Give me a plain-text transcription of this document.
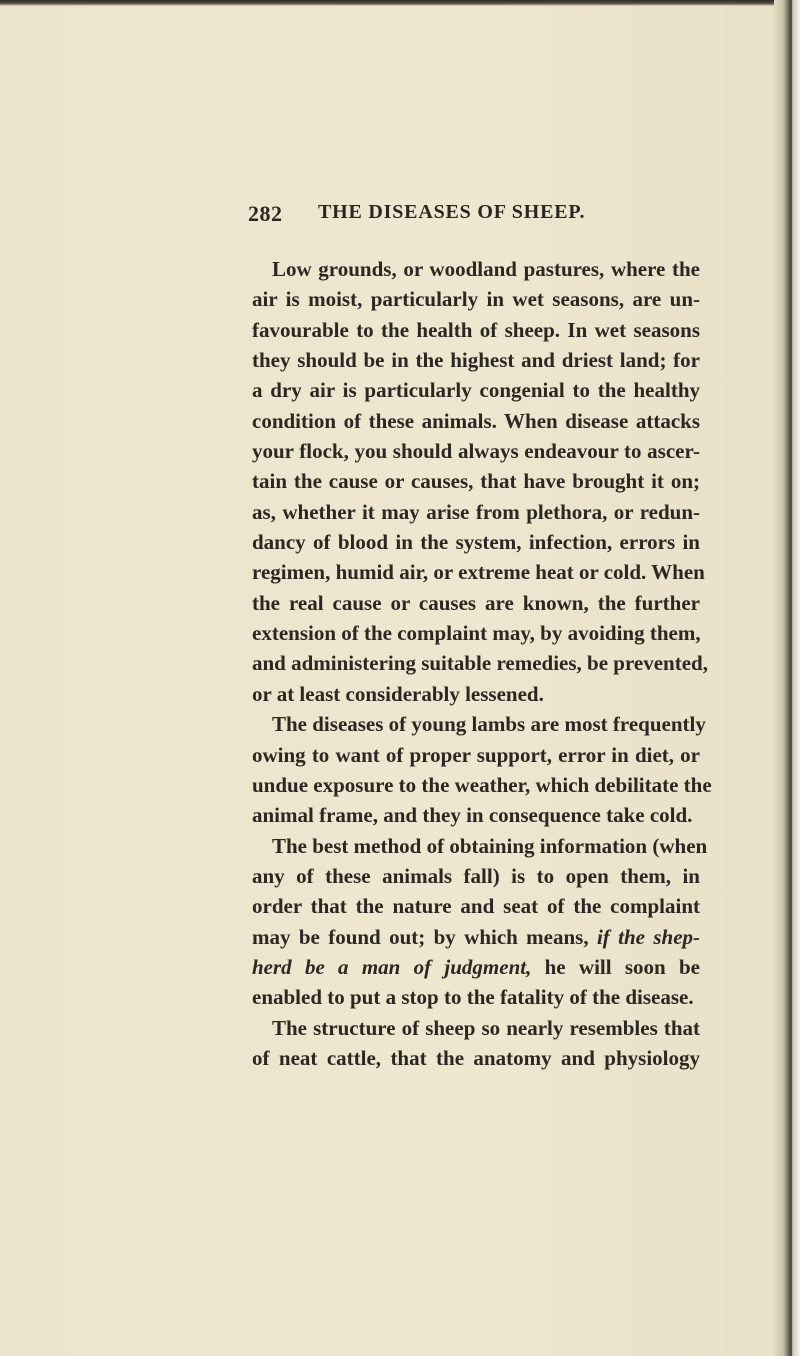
282 THE DISEASES OF SHEEP.
Low grounds, or woodland pastures, where the
air is moist, particularly in wet seasons, are un-
favourable to the health of sheep. In wet seasons
they should be in the highest and driest land; for
a dry air is particularly congenial to the healthy
condition of these animals. When disease attacks
your flock, you should always endeavour to ascer-
tain the cause or causes, that have brought it on;
as, whether it may arise from plethora, or redun-
dancy of blood in the system, infection, errors in
regimen, humid air, or extreme heat or cold. When
the real cause or causes are known, the further
extension of the complaint may, by avoiding them,
and administering suitable remedies, be prevented,
or at least considerably lessened.
The diseases of young lambs are most frequently
owing to want of proper support, error in diet, or
undue exposure to the weather, which debilitate the
animal frame, and they in consequence take cold.
The best method of obtaining information (when
any of these animals fall) is to open them, in
order that the nature and seat of the complaint
may be found out; by which means, if the shep-
herd be a man of judgment, he will soon be
enabled to put a stop to the fatality of the disease.
The structure of sheep so nearly resembles that
of neat cattle, that the anatomy and physiology
